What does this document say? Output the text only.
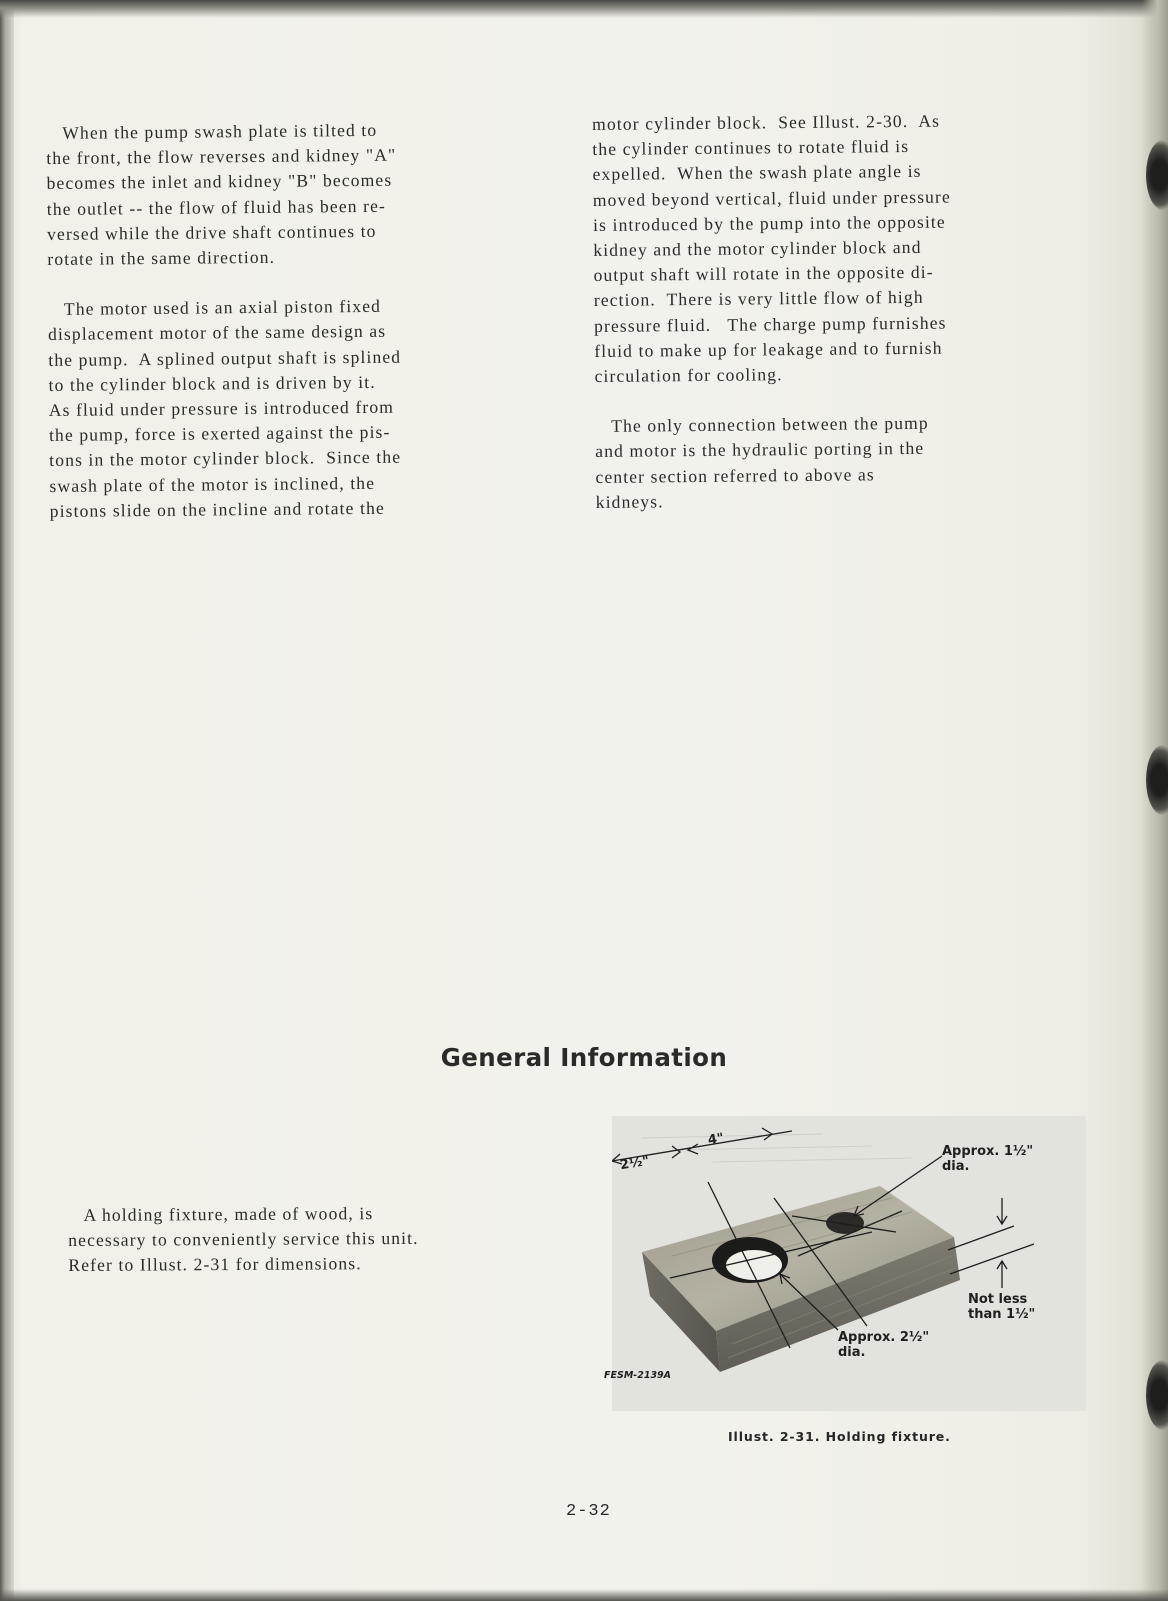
When the pump swash plate is tilted to
the front, the flow reverses and kidney "A"
becomes the inlet and kidney "B" becomes
the outlet -- the flow of fluid has been re-
versed while the drive shaft continues to
rotate in the same direction.
The motor used is an axial piston fixed
displacement motor of the same design as
the pump.  A splined output shaft is splined
to the cylinder block and is driven by it.
As fluid under pressure is introduced from
the pump, force is exerted against the pis-
tons in the motor cylinder block.  Since the
swash plate of the motor is inclined, the
pistons slide on the incline and rotate the
motor cylinder block.  See Illust. 2-30.  As
the cylinder continues to rotate fluid is
expelled.  When the swash plate angle is
moved beyond vertical, fluid under pressure
is introduced by the pump into the opposite
kidney and the motor cylinder block and
output shaft will rotate in the opposite di-
rection.  There is very little flow of high
pressure fluid.   The charge pump furnishes
fluid to make up for leakage and to furnish
circulation for cooling.
The only connection between the pump
and motor is the hydraulic porting in the
center section referred to above as
kidneys.
General Information
A holding fixture, made of wood, is
necessary to conveniently service this unit.
Refer to Illust. 2-31 for dimensions.
2½"
4"
Approx. 1½"
dia.
Not less
than 1½"
Approx. 2½"
dia.
FESM-2139A
Illust. 2-31. Holding fixture.
2-32
